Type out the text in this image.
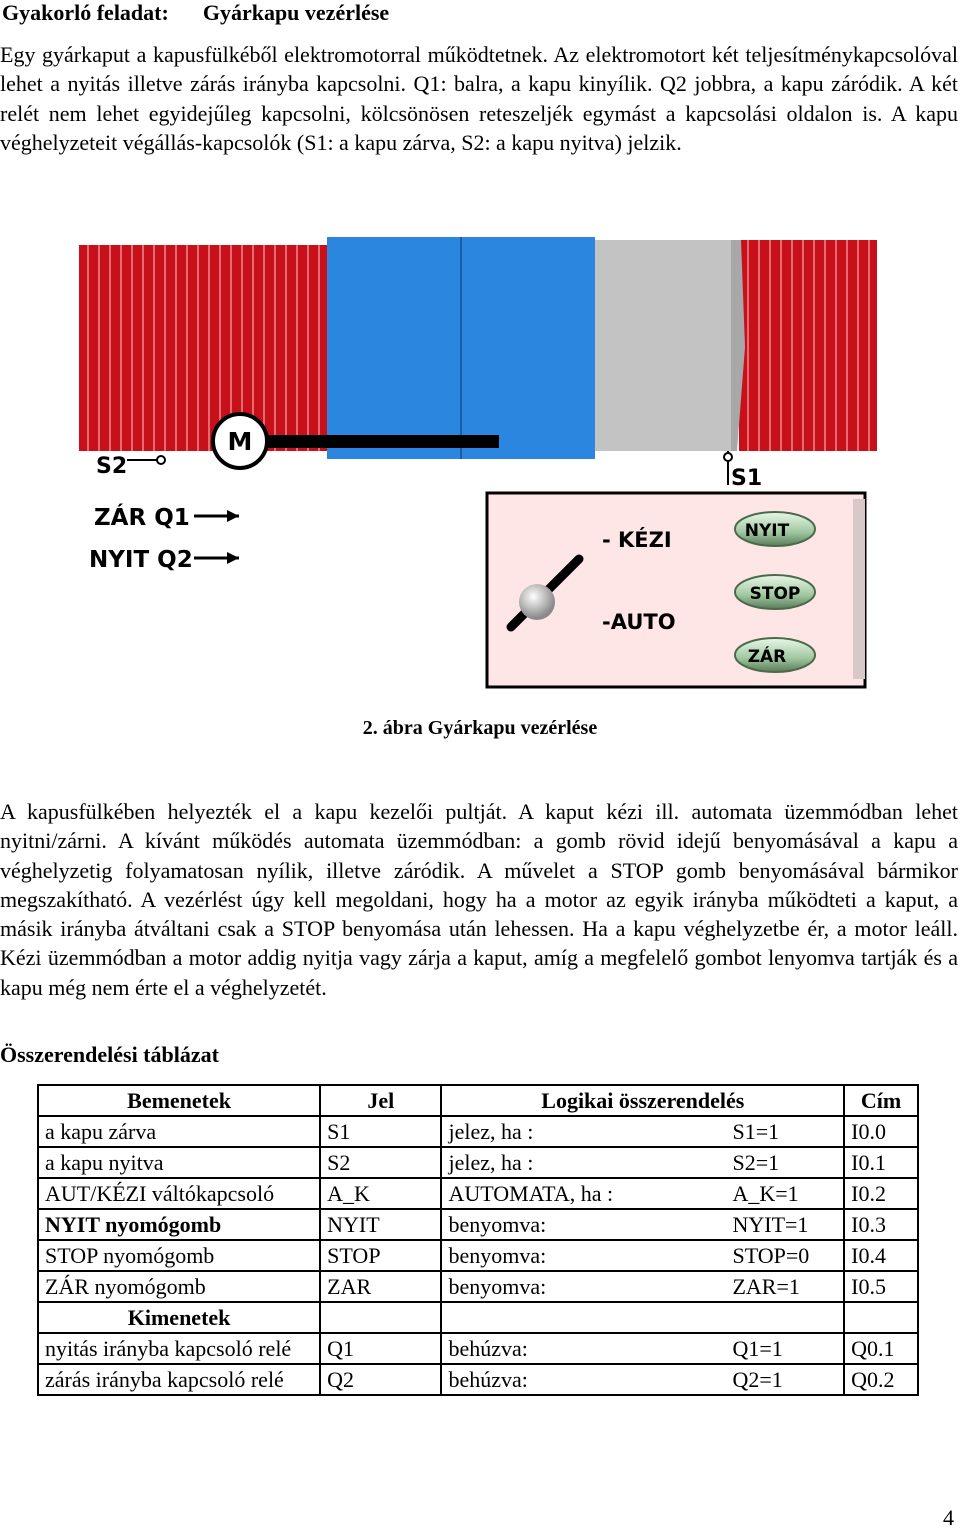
Gyakorló feladat: Gyárkapu vezérlése
Egy gyárkaput a kapusfülkéből elektromotorral működtetnek. Az elektromotort két teljesítménykapcsolóval lehet a nyitás illetve zárás irányba kapcsolni. Q1: balra, a kapu kinyílik. Q2 jobbra, a kapu záródik. A két relét nem lehet egyidejűleg kapcsolni, kölcsönösen reteszeljék egymást a kapcsolási oldalon is. A kapu véghelyzeteit végállás-kapcsolók (S1: a kapu zárva, S2: a kapu nyitva) jelzik.
M
S2	S1
ZÁR Q1
NYIT Q2
- KÉZI
-AUTO
NYIT
STOP
ZÁR
2. ábra Gyárkapu vezérlése
A kapusfülkében helyezték el a kapu kezelői pultját. A kaput kézi ill. automata üzemmódban lehet nyitni/zárni. A kívánt működés automata üzemmódban: a gomb rövid idejű benyomásával a kapu a véghelyzetig folyamatosan nyílik, illetve záródik. A művelet a STOP gomb benyomásával bármikor megszakítható. A vezérlést úgy kell megoldani, hogy ha a motor az egyik irányba működteti a kaput, a másik irányba átváltani csak a STOP benyomása után lehessen. Ha a kapu véghelyzetbe ér, a motor leáll. Kézi üzemmódban a motor addig nyitja vagy zárja a kaput, amíg a megfelelő gombot lenyomva tartják és a kapu még nem érte el a véghelyzetét.
Összerendelési táblázat
Bemenetek	Jel	Logikai összerendelés	Cím
a kapu zárva	S1	jelez, ha : S1=1	I0.0
a kapu nyitva	S2	jelez, ha : S2=1	I0.1
AUT/KÉZI váltókapcsoló	A_K	AUTOMATA, ha : A_K=1	I0.2
NYIT nyomógomb	NYIT	benyomva: NYIT=1	I0.3
STOP nyomógomb	STOP	benyomva: STOP=0	I0.4
ZÁR nyomógomb	ZAR	benyomva: ZAR=1	I0.5
Kimenetek			
nyitás irányba kapcsoló relé	Q1	behúzva: Q1=1	Q0.1
zárás irányba kapcsoló relé	Q2	behúzva: Q2=1	Q0.2
4
